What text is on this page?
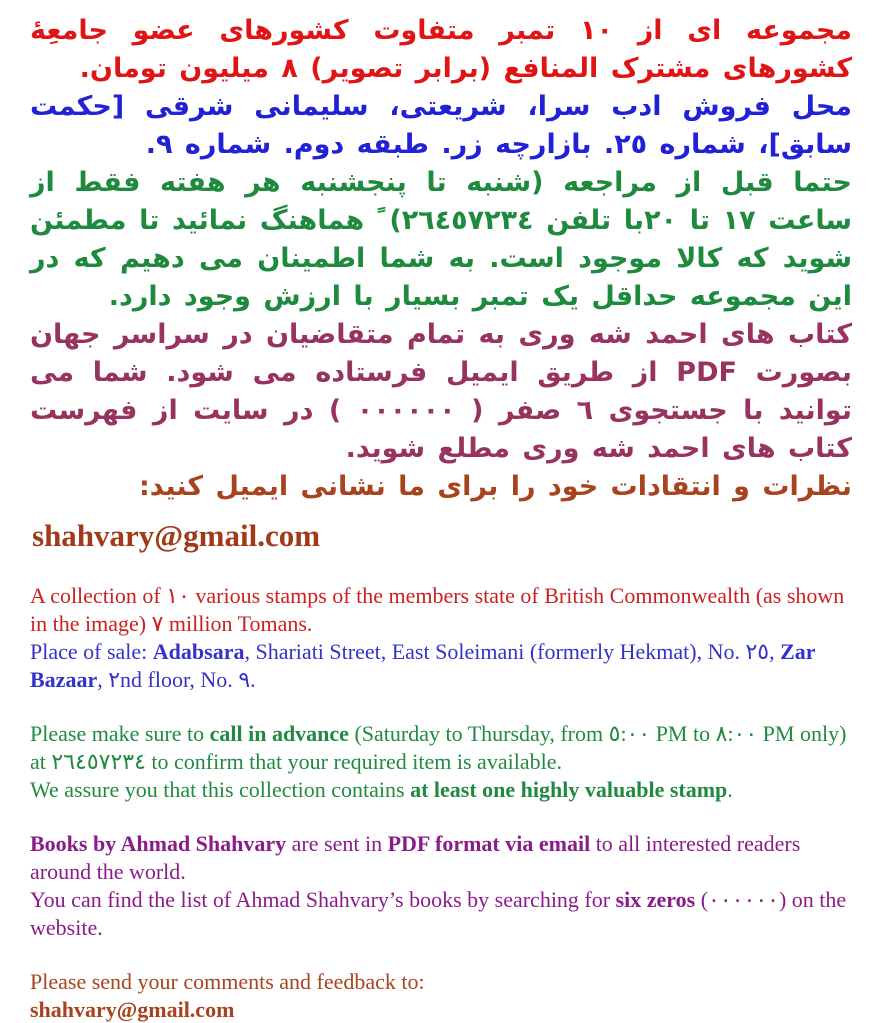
مجموعه ای از ١٠ تمبر متفاوت کشورهای عضو جامعِۀ کشورهای مشترک المنافع (برابر تصویر) ٨ میلیون تومان.

محل فروش ادب سرا، شریعتی، سلیمانی شرقی [حکمت سابق]، شماره ٢٥. بازارچه زر. طبقه دوم. شماره ٩.

حتما قبل از مراجعه (شنبه تا پنجشنبه هر هفته فقط از ساعت ١٧ تا ٢٠با تلفن ٢٦٤٥٧٢٣٤) ً هماهنگ نمائید تا مطمئن شوید که کالا موجود است. به شما اطمینان می دهیم که در این مجموعه حداقل یک تمبر بسیار با ارزش وجود دارد.

کتاب های احمد شه وری به تمام متقاضیان در سراسر جهان بصورت PDF از طریق ایمیل فرستاده می شود. شما می توانید با جستجوی ٦ صفر ( ٠٠٠٠٠٠ ) در سایت از فهرست کتاب های احمد شه وری مطلع شوید.

نظرات و انتقادات خود را برای ما نشانی ایمیل کنید:

shahvary@gmail.com

A collection of ١٠ various stamps of the members state of British Commonwealth (as shown in the image) ٧ million Tomans.

Place of sale: Adabsara, Shariati Street, East Soleimani (formerly Hekmat), No. ٢٥, Zar Bazaar, ٢nd floor, No. ٩.

Please make sure to call in advance (Saturday to Thursday, from ٥:٠٠ PM to ٨:٠٠ PM only) at ٢٦٤٥٧٢٣٤ to confirm that your required item is available.

We assure you that this collection contains at least one highly valuable stamp.

Books by Ahmad Shahvary are sent in PDF format via email to all interested readers around the world.

You can find the list of Ahmad Shahvary’s books by searching for six zeros (٠٠٠٠٠٠) on the website.

Please send your comments and feedback to:

shahvary@gmail.com
